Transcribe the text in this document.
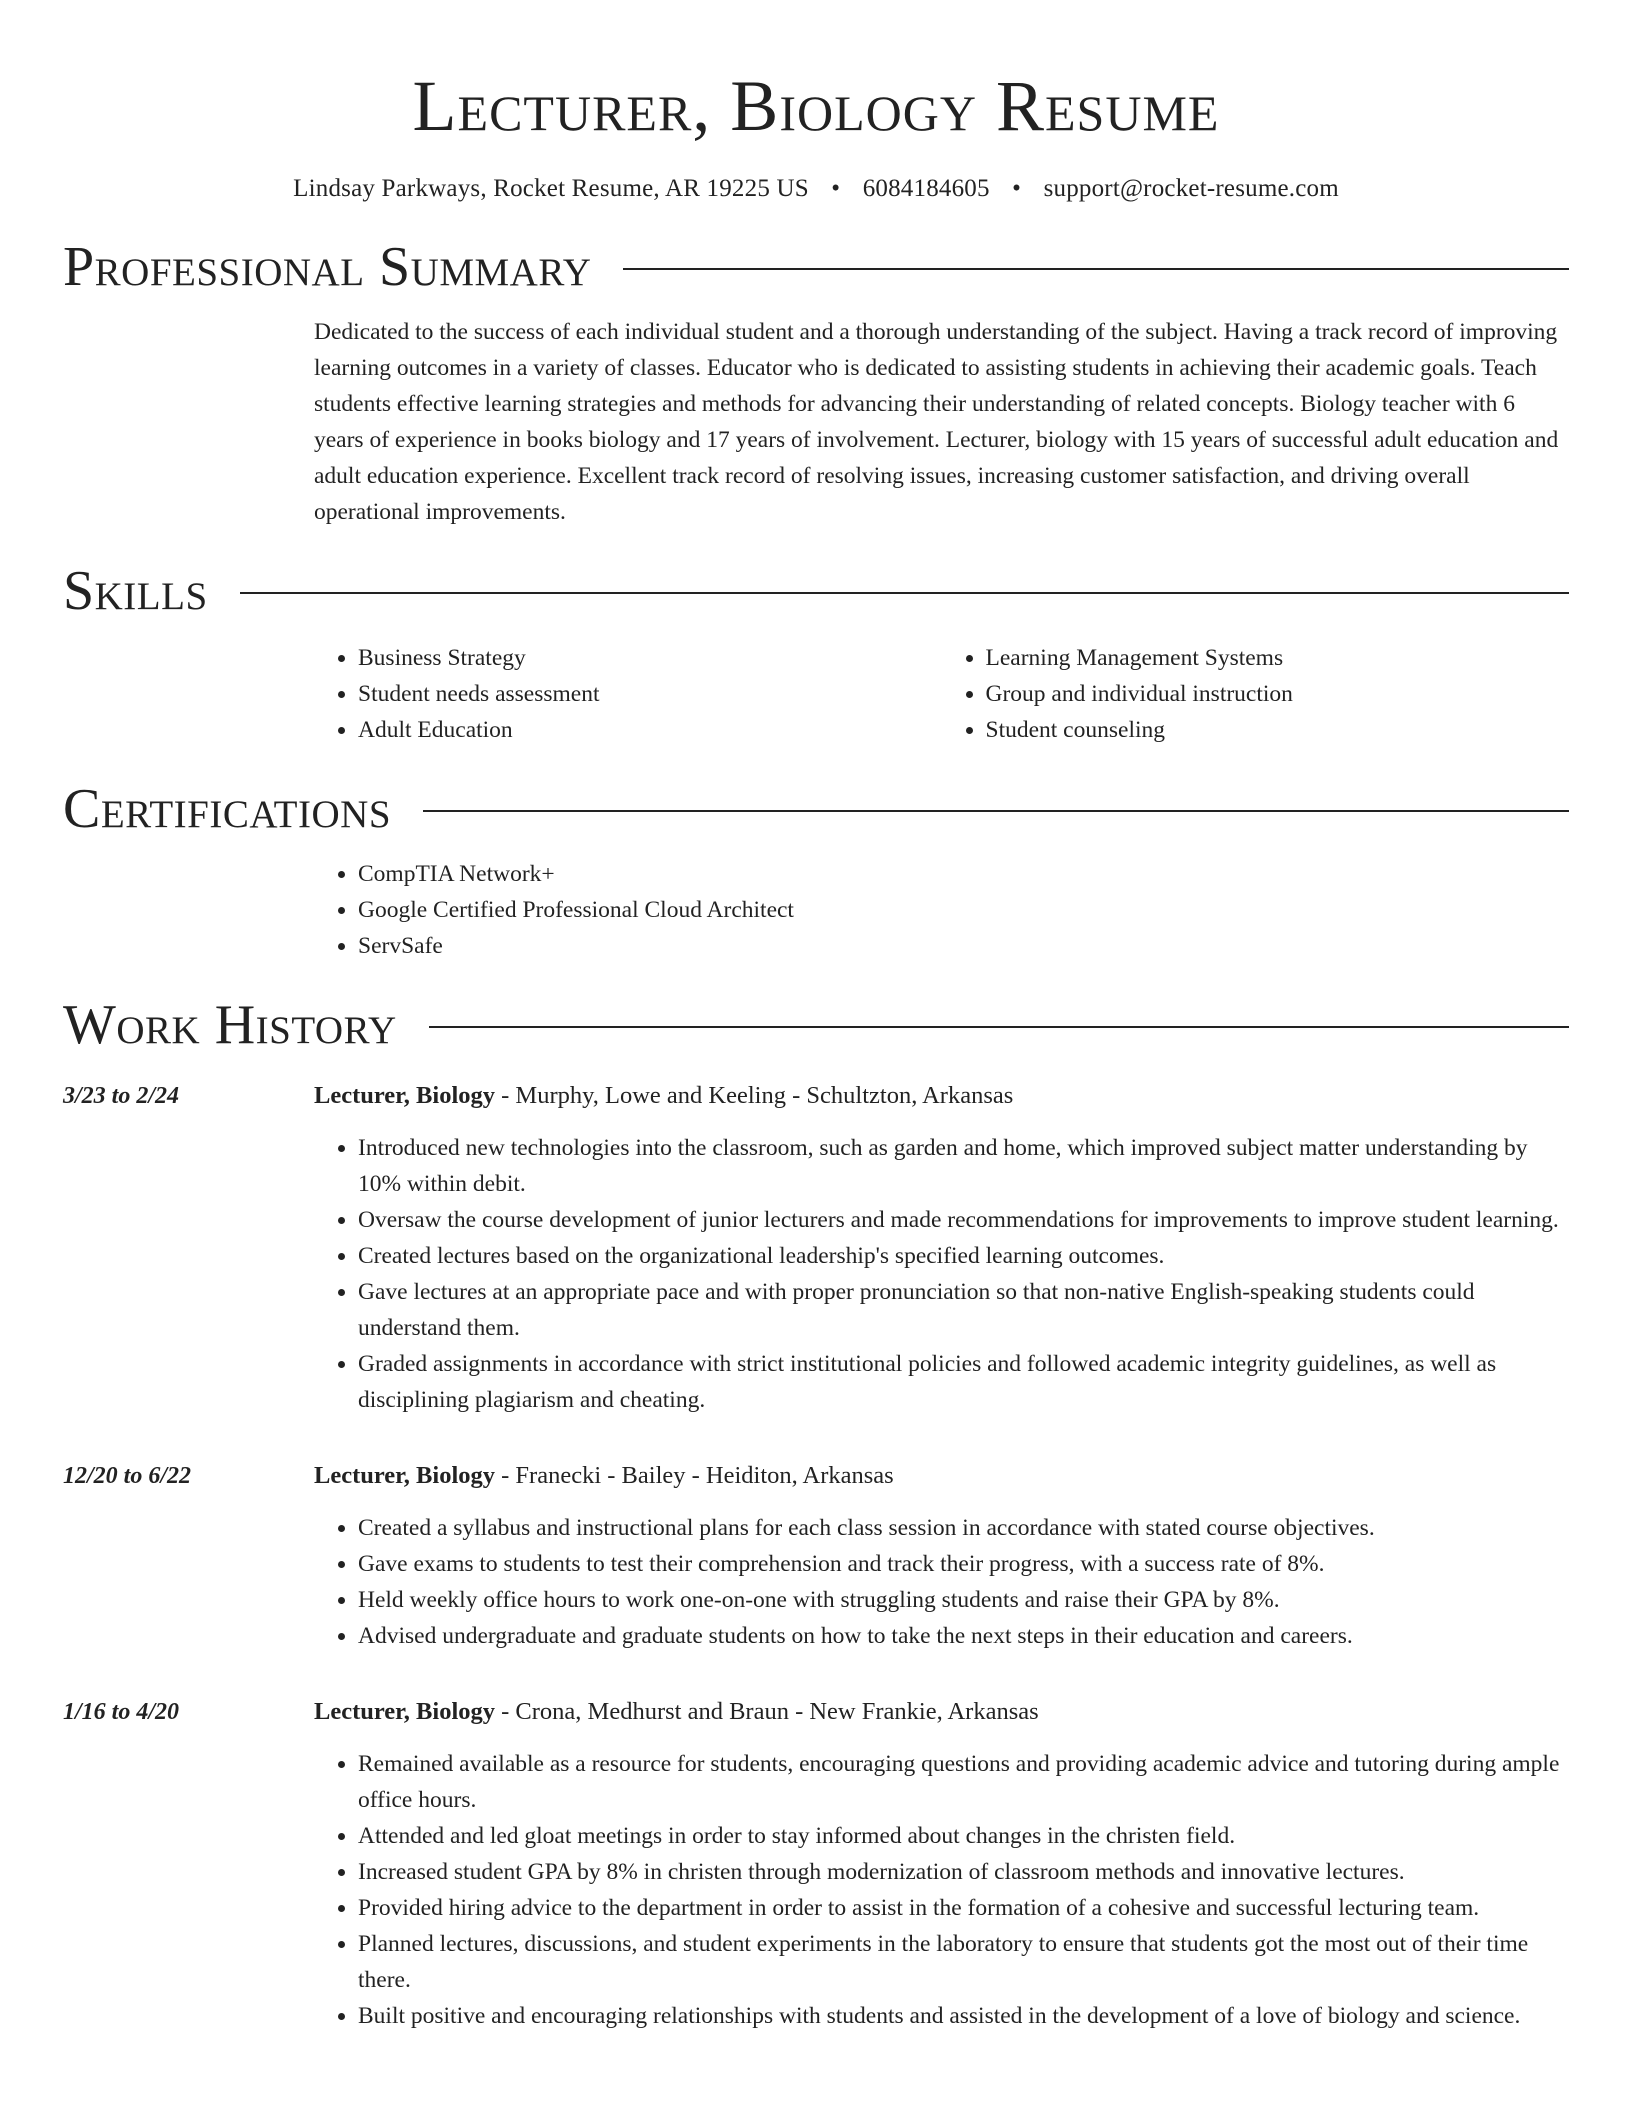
Lecturer, Biology Resume
Lindsay Parkways, Rocket Resume, AR 19225 US • 6084184605 • support@rocket-resume.com
Professional Summary
Dedicated to the success of each individual student and a thorough understanding of the subject. Having a track record of improving learning outcomes in a variety of classes. Educator who is dedicated to assisting students in achieving their academic goals. Teach students effective learning strategies and methods for advancing their understanding of related concepts. Biology teacher with 6 years of experience in books biology and 17 years of involvement. Lecturer, biology with 15 years of successful adult education and adult education experience. Excellent track record of resolving issues, increasing customer satisfaction, and driving overall operational improvements.
Skills
• Business Strategy
• Student needs assessment
• Adult Education
• Learning Management Systems
• Group and individual instruction
• Student counseling
Certifications
• CompTIA Network+
• Google Certified Professional Cloud Architect
• ServSafe
Work History
3/23 to 2/24	Lecturer, Biology - Murphy, Lowe and Keeling - Schultzton, Arkansas
• Introduced new technologies into the classroom, such as garden and home, which improved subject matter understanding by 10% within debit.
• Oversaw the course development of junior lecturers and made recommendations for improvements to improve student learning.
• Created lectures based on the organizational leadership's specified learning outcomes.
• Gave lectures at an appropriate pace and with proper pronunciation so that non-native English-speaking students could understand them.
• Graded assignments in accordance with strict institutional policies and followed academic integrity guidelines, as well as disciplining plagiarism and cheating.
12/20 to 6/22	Lecturer, Biology - Franecki - Bailey - Heiditon, Arkansas
• Created a syllabus and instructional plans for each class session in accordance with stated course objectives.
• Gave exams to students to test their comprehension and track their progress, with a success rate of 8%.
• Held weekly office hours to work one-on-one with struggling students and raise their GPA by 8%.
• Advised undergraduate and graduate students on how to take the next steps in their education and careers.
1/16 to 4/20	Lecturer, Biology - Crona, Medhurst and Braun - New Frankie, Arkansas
• Remained available as a resource for students, encouraging questions and providing academic advice and tutoring during ample office hours.
• Attended and led gloat meetings in order to stay informed about changes in the christen field.
• Increased student GPA by 8% in christen through modernization of classroom methods and innovative lectures.
• Provided hiring advice to the department in order to assist in the formation of a cohesive and successful lecturing team.
• Planned lectures, discussions, and student experiments in the laboratory to ensure that students got the most out of their time there.
• Built positive and encouraging relationships with students and assisted in the development of a love of biology and science.
